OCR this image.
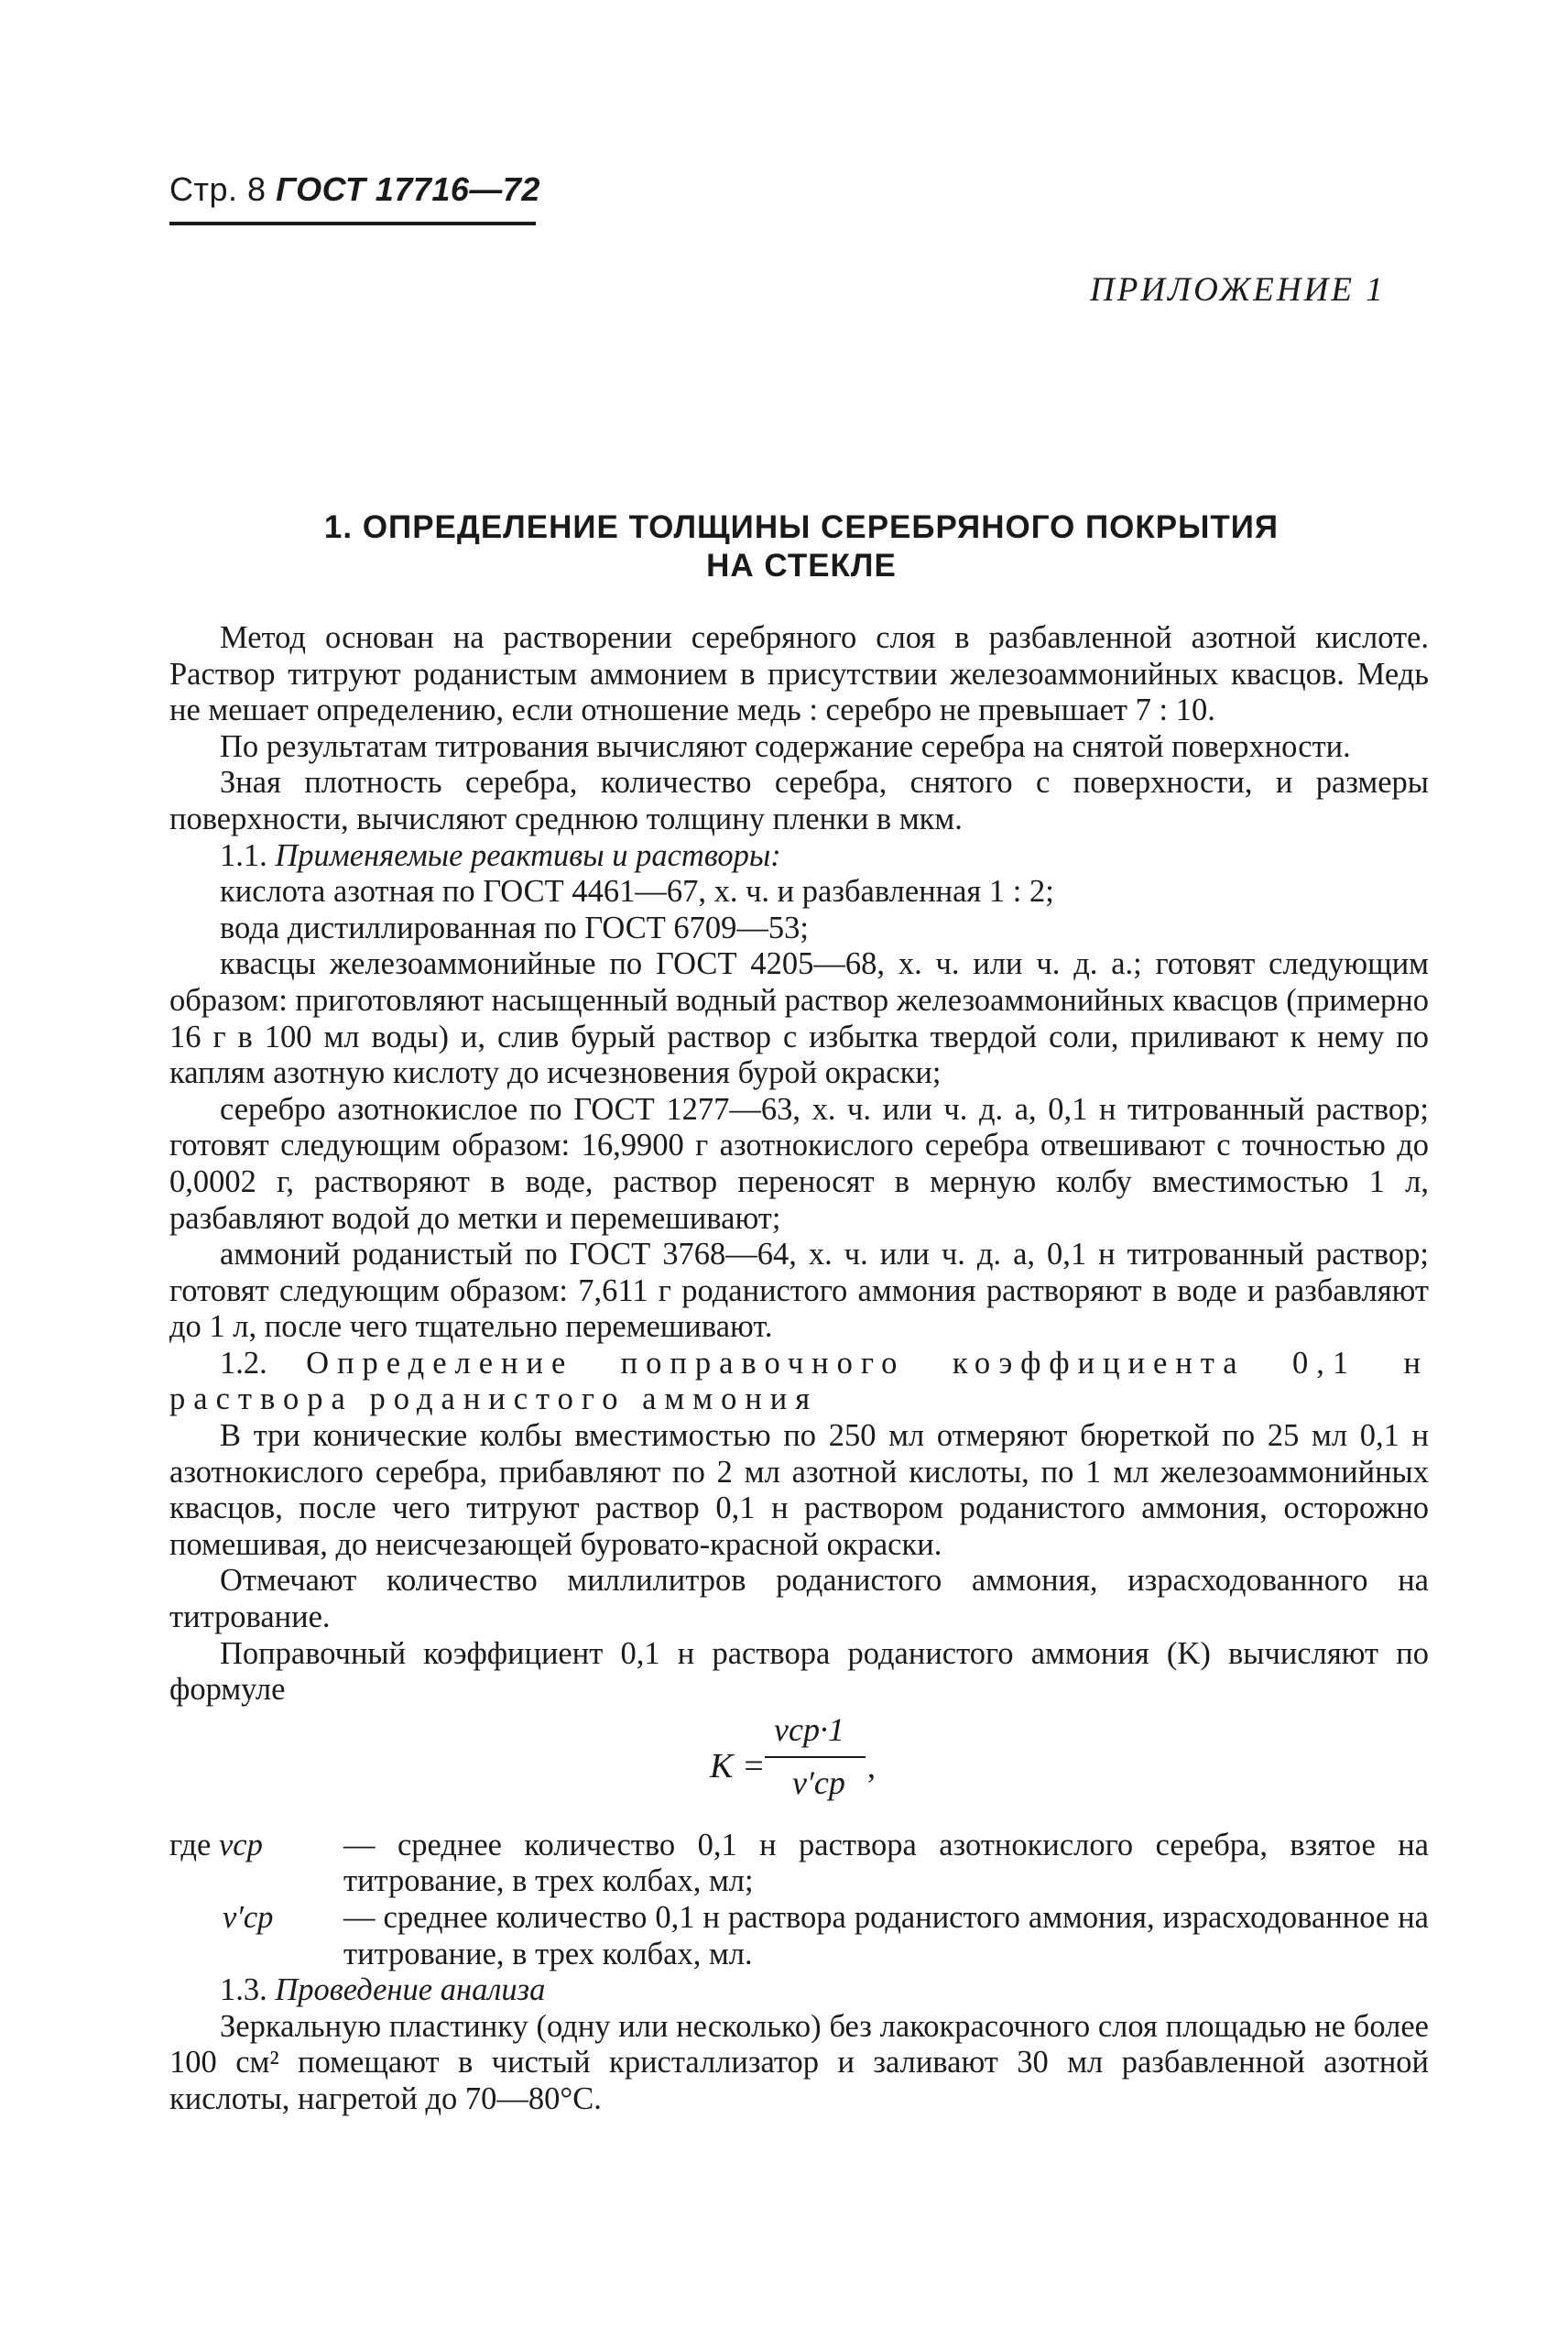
Стр. 8 ГОСТ 17716—72
ПРИЛОЖЕНИЕ 1
1. ОПРЕДЕЛЕНИЕ ТОЛЩИНЫ СЕРЕБРЯНОГО ПОКРЫТИЯ
НА СТЕКЛЕ

Метод основан на растворении серебряного слоя в разбавленной азотной кислоте. Раствор титруют роданистым аммонием в присутствии железоаммонийных квасцов. Медь не мешает определению, если отношение медь : серебро не превышает 7 : 10.

По результатам титрования вычисляют содержание серебра на снятой поверхности.

Зная плотность серебра, количество серебра, снятого с поверхности, и размеры поверхности, вычисляют среднюю толщину пленки в мкм.

1.1. Применяемые реактивы и растворы:

кислота азотная по ГОСТ 4461—67, х. ч. и разбавленная 1 : 2;

вода дистиллированная по ГОСТ 6709—53;

квасцы железоаммонийные по ГОСТ 4205—68, х. ч. или ч. д. а.; готовят следующим образом: приготовляют насыщенный водный раствор железоаммонийных квасцов (примерно 16 г в 100 мл воды) и, слив бурый раствор с избытка твердой соли, приливают к нему по каплям азотную кислоту до исчезновения бурой окраски;

серебро азотнокислое по ГОСТ 1277—63, х. ч. или ч. д. а, 0,1 н титрованный раствор; готовят следующим образом: 16,9900 г азотнокислого серебра отвешивают с точностью до 0,0002 г, растворяют в воде, раствор переносят в мерную колбу вместимостью 1 л, разбавляют водой до метки и перемешивают;

аммоний роданистый по ГОСТ 3768—64, х. ч. или ч. д. а, 0,1 н титрованный раствор; готовят следующим образом: 7,611 г роданистого аммония растворяют в воде и разбавляют до 1 л, после чего тщательно перемешивают.

1.2. Определение поправочного коэффициента 0,1 н раствора роданистого аммония

В три конические колбы вместимостью по 250 мл отмеряют бюреткой по 25 мл 0,1 н азотнокислого серебра, прибавляют по 2 мл азотной кислоты, по 1 мл железоаммонийных квасцов, после чего титруют раствор 0,1 н раствором роданистого аммония, осторожно помешивая, до неисчезающей буровато-красной окраски.

Отмечают количество миллилитров роданистого аммония, израсходованного на титрование.

Поправочный коэффициент 0,1 н раствора роданистого аммония (K) вычисляют по формуле

K =
vср·1
v′ср ,
где vср	— среднее количество 0,1 н раствора азотнокислого серебра, взятое на титрование, в трех колбах, мл;
v′ср	— среднее количество 0,1 н раствора роданистого аммония, израсходованное на титрование, в трех колбах, мл.

1.3. Проведение анализа

Зеркальную пластинку (одну или несколько) без лакокрасочного слоя площадью не более 100 см² помещают в чистый кристаллизатор и заливают 30 мл разбавленной азотной кислоты, нагретой до 70—80°С.
